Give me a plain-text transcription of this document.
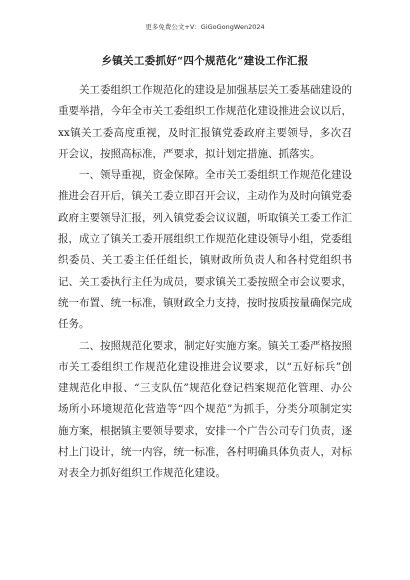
更多免费公文+V：GiGoGongWen2024
乡镇关工委抓好“四个规范化”建设工作汇报

关工委组织工作规范化的建设是加强基层关工委基础建设的重要举措，今年全市关工委组织工作规范化建设推进会议以后，xx镇关工委高度重视，及时汇报镇党委政府主要领导，多次召开会议，按照高标准，严要求，拟计划定措施、抓落实。

一、领导重视，资金保障。全市关工委组织工作规范化建设推进会召开后，镇关工委立即召开会议，主动作为及时向镇党委政府主要领导汇报，列入镇党委会议议题，听取镇关工委工作汇报，成立了镇关工委开展组织工作规范化建设领导小组，党委组织委员、关工委主任任组长，镇财政所负责人和各村党组织书记、关工委执行主任为成员，要求镇关工委按照全市会议要求，统一布置、统一标准，镇财政全力支持，按时按质按量确保完成任务。

二、按照规范化要求，制定好实施方案。镇关工委严格按照市关工委组织工作规范化建设推进会议要求，以“五好标兵”创建规范化申报、“三支队伍”规范化登记档案规范化管理、办公场所小环境规范化营造等“四个规范”为抓手，分类分项制定实施方案，根据镇主要领导要求，安排一个广告公司专门负责，逐村上门设计，统一内容，统一标准，各村明确具体负责人，对标对表全力抓好组织工作规范化建设。
